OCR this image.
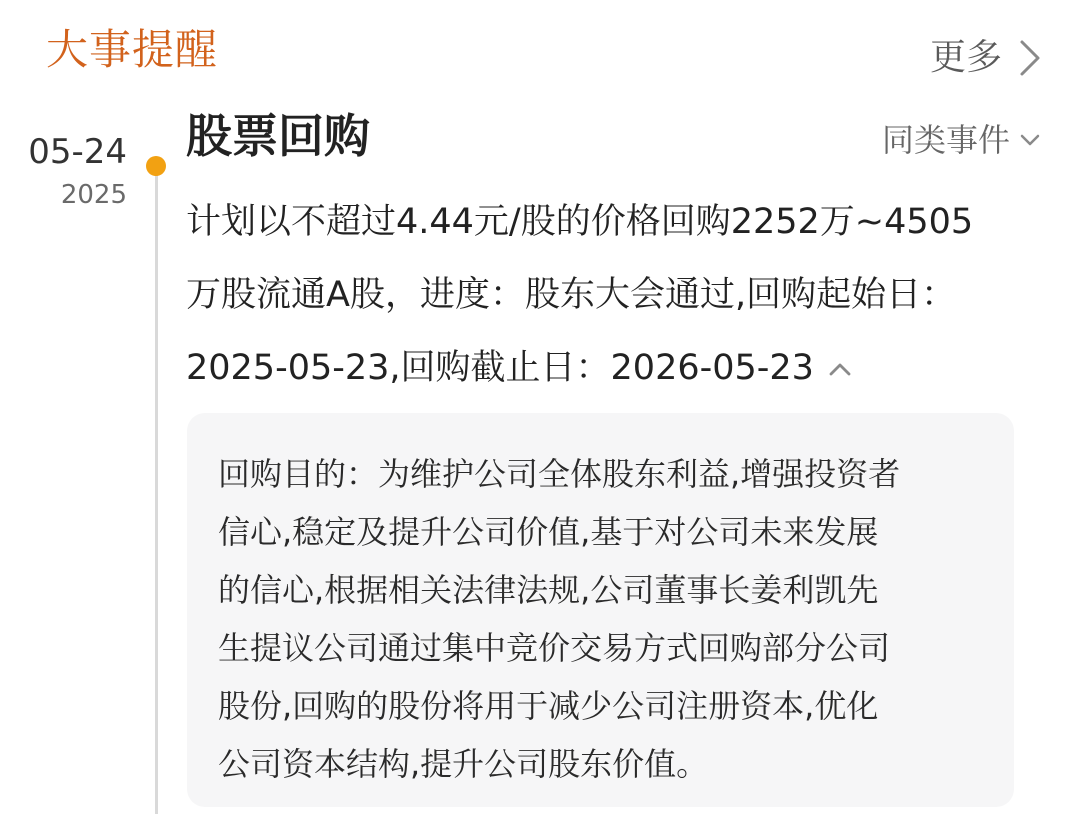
大事提醒	更多
05-24
2025
股票回购	同类事件
计划以不超过4.44元/股的价格回购2252万~4505
万股流通A股，进度：股东大会通过,回购起始日：
2025-05-23,回购截止日：2026-05-23
回购目的：为维护公司全体股东利益,增强投资者
信心,稳定及提升公司价值,基于对公司未来发展
的信心,根据相关法律法规,公司董事长姜利凯先
生提议公司通过集中竞价交易方式回购部分公司
股份,回购的股份将用于减少公司注册资本,优化
公司资本结构,提升公司股东价值。
